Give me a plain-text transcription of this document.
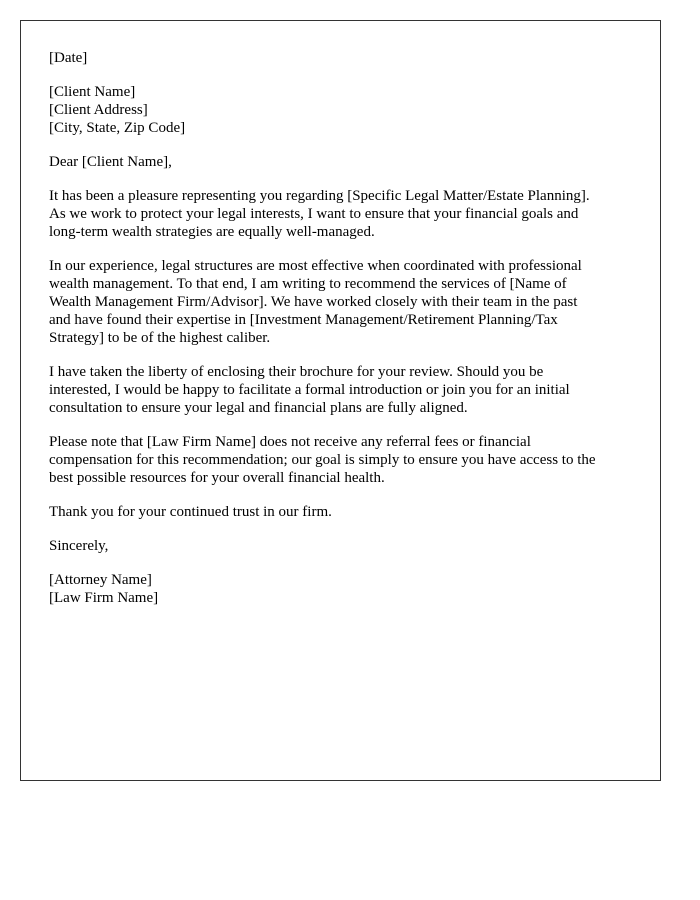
[Date]

[Client Name]
[Client Address]
[City, State, Zip Code]

Dear [Client Name],

It has been a pleasure representing you regarding [Specific Legal Matter/Estate Planning].
As we work to protect your legal interests, I want to ensure that your financial goals and
long-term wealth strategies are equally well-managed.

In our experience, legal structures are most effective when coordinated with professional
wealth management. To that end, I am writing to recommend the services of [Name of
Wealth Management Firm/Advisor]. We have worked closely with their team in the past
and have found their expertise in [Investment Management/Retirement Planning/Tax
Strategy] to be of the highest caliber.

I have taken the liberty of enclosing their brochure for your review. Should you be
interested, I would be happy to facilitate a formal introduction or join you for an initial
consultation to ensure your legal and financial plans are fully aligned.

Please note that [Law Firm Name] does not receive any referral fees or financial
compensation for this recommendation; our goal is simply to ensure you have access to the
best possible resources for your overall financial health.

Thank you for your continued trust in our firm.

Sincerely,

[Attorney Name]
[Law Firm Name]
